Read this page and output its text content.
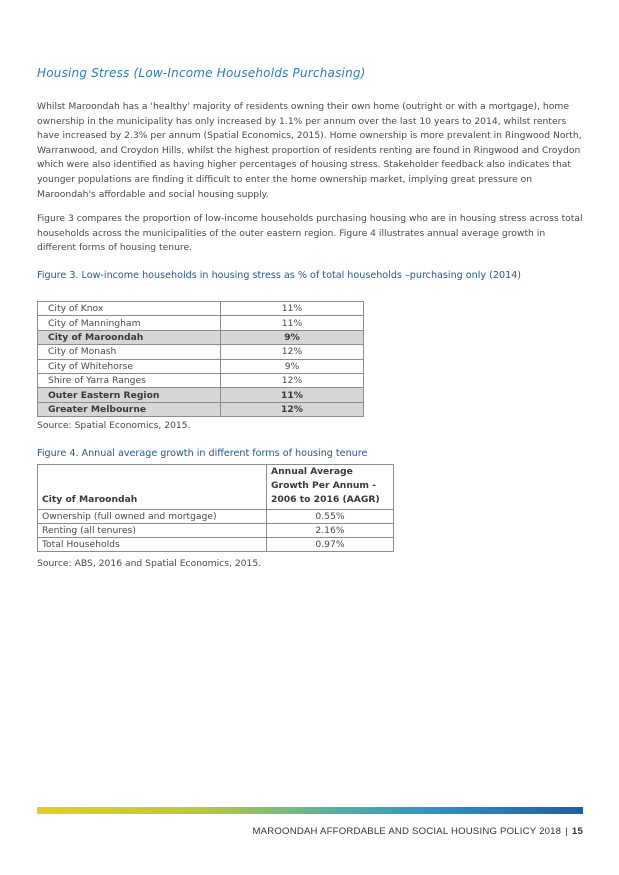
Housing Stress (Low-Income Households Purchasing)
Whilst Maroondah has a 'healthy' majority of residents owning their own home (outright or with a mortgage), home ownership in the municipality has only increased by 1.1% per annum over the last 10 years to 2014, whilst renters have increased by 2.3% per annum (Spatial Economics, 2015). Home ownership is more prevalent in Ringwood North, Warranwood, and Croydon Hills, whilst the highest proportion of residents renting are found in Ringwood and Croydon which were also identified as having higher percentages of housing stress. Stakeholder feedback also indicates that younger populations are finding it difficult to enter the home ownership market, implying great pressure on Maroondah's affordable and social housing supply.
Figure 3 compares the proportion of low-income households purchasing housing who are in housing stress across total households across the municipalities of the outer eastern region. Figure 4 illustrates annual average growth in different forms of housing tenure.
Figure 3. Low-income households in housing stress as % of total households –purchasing only (2014)
City of Knox	11%
City of Manningham	11%
City of Maroondah	9%
City of Monash	12%
City of Whitehorse	9%
Shire of Yarra Ranges	12%
Outer Eastern Region	11%
Greater Melbourne	12%
Source: Spatial Economics, 2015.
Figure 4. Annual average growth in different forms of housing tenure
City of Maroondah	Annual Average Growth Per Annum - 2006 to 2016 (AAGR)
Ownership (full owned and mortgage)	0.55%
Renting (all tenures)	2.16%
Total Households	0.97%
Source: ABS, 2016 and Spatial Economics, 2015.
MAROONDAH AFFORDABLE AND SOCIAL HOUSING POLICY 2018 | 15
